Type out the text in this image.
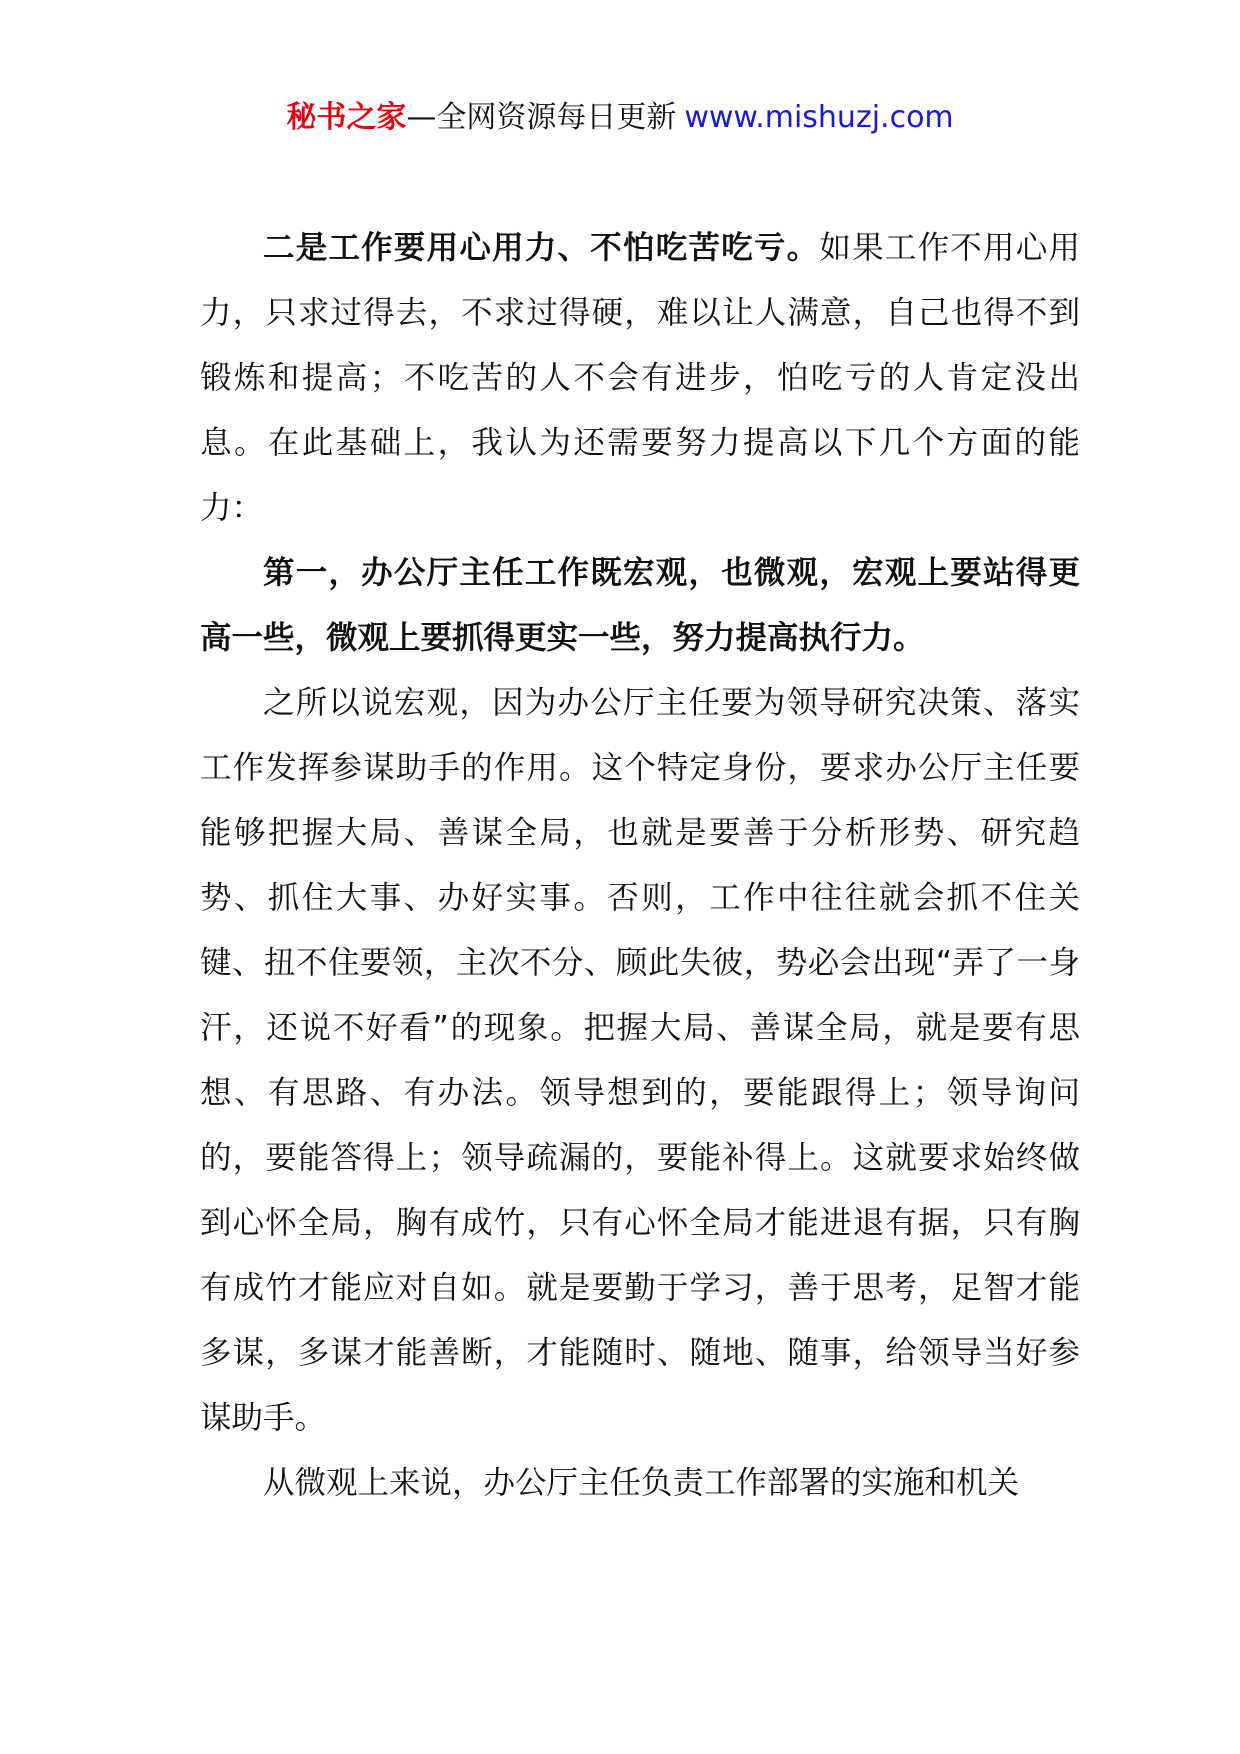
秘书之家—全网资源每日更新 www.mishuzj.com

二是工作要用心用力、不怕吃苦吃亏。如果工作不用心用力，只求过得去，不求过得硬，难以让人满意，自己也得不到锻炼和提高；不吃苦的人不会有进步，怕吃亏的人肯定没出息。在此基础上，我认为还需要努力提高以下几个方面的能力：

第一，办公厅主任工作既宏观，也微观，宏观上要站得更高一些，微观上要抓得更实一些，努力提高执行力。

之所以说宏观，因为办公厅主任要为领导研究决策、落实工作发挥参谋助手的作用。这个特定身份，要求办公厅主任要能够把握大局、善谋全局，也就是要善于分析形势、研究趋势、抓住大事、办好实事。否则，工作中往往就会抓不住关键、扭不住要领，主次不分、顾此失彼，势必会出现“弄了一身汗，还说不好看”的现象。把握大局、善谋全局，就是要有思想、有思路、有办法。领导想到的，要能跟得上；领导询问的，要能答得上；领导疏漏的，要能补得上。这就要求始终做到心怀全局，胸有成竹，只有心怀全局才能进退有据，只有胸有成竹才能应对自如。就是要勤于学习，善于思考，足智才能多谋，多谋才能善断，才能随时、随地、随事，给领导当好参谋助手。

从微观上来说，办公厅主任负责工作部署的实施和机关
